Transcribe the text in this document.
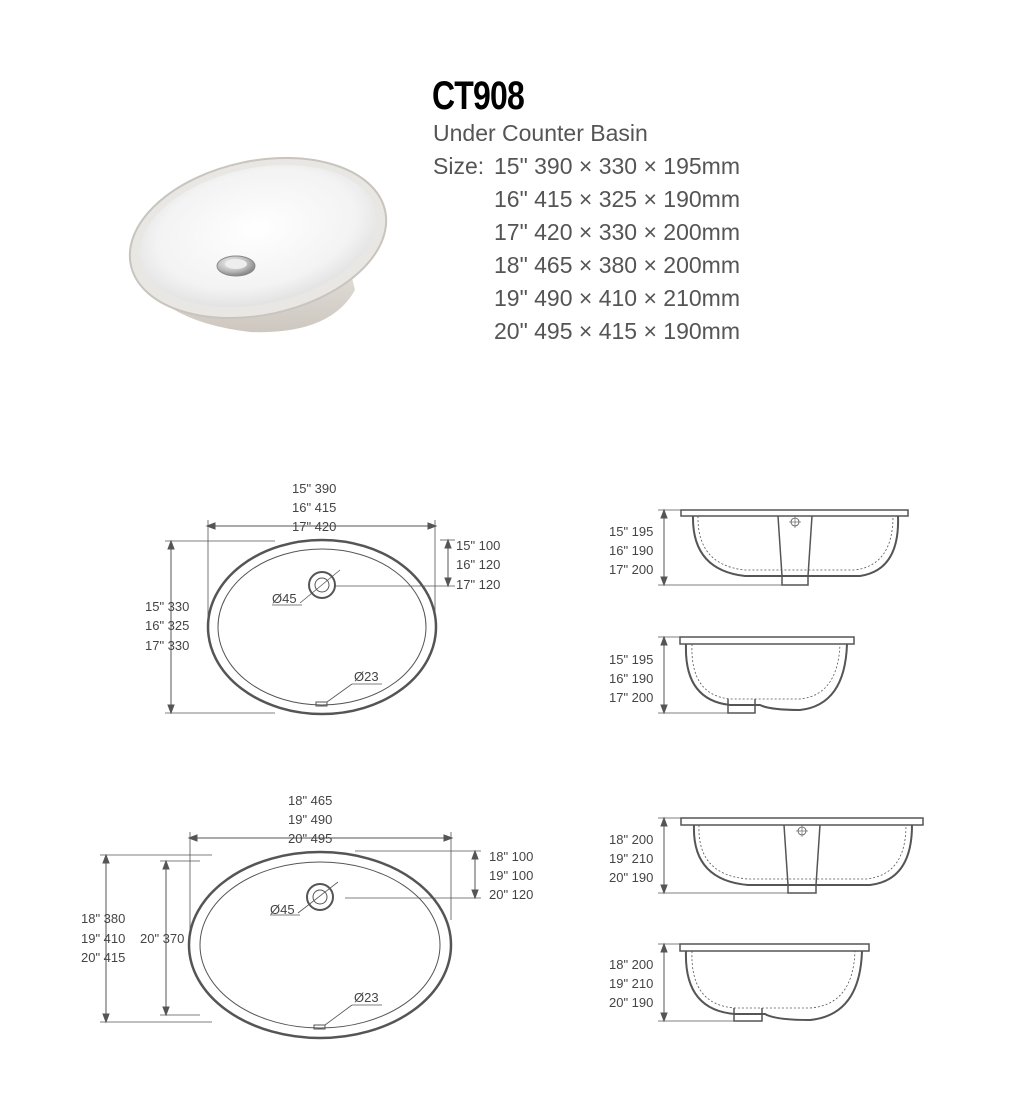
CT908
Under Counter Basin
Size: 15" 390 × 330 × 195mm
16" 415 × 325 × 190mm
17" 420 × 330 × 200mm
18" 465 × 380 × 200mm
19" 490 × 410 × 210mm
20" 495 × 415 × 190mm
15" 390
16" 415
17" 420
15" 330
16" 325
17" 330
15" 100
16" 120
17" 120
Ø45
Ø23
15" 195
16" 190
17" 200
15" 195
16" 190
17" 200
18" 465
19" 490
20" 495
18" 380
19" 410
20" 415
20" 370
18" 100
19" 100
20" 120
Ø45
Ø23
18" 200
19" 210
20" 190
18" 200
19" 210
20" 190
